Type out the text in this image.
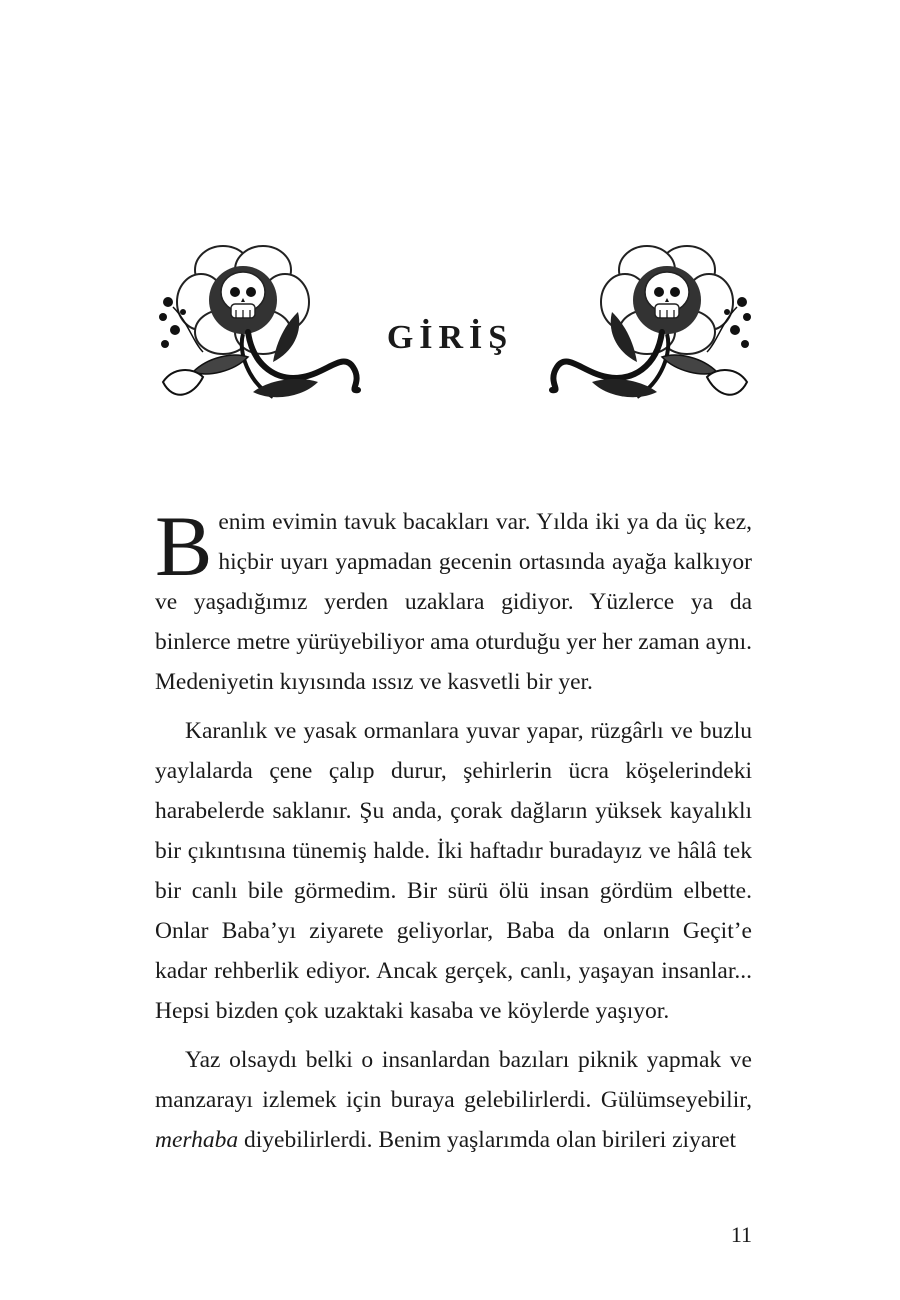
GİRİŞ

Benim evimin tavuk bacakları var. Yılda iki ya da üç kez, hiçbir uyarı yapmadan gecenin ortasında ayağa kalkıyor ve yaşadığımız yerden uzaklara gidiyor. Yüzlerce ya da binlerce metre yürüyebiliyor ama oturduğu yer her zaman aynı. Medeniyetin kıyısında ıssız ve kasvetli bir yer.

Karanlık ve yasak ormanlara yuvar yapar, rüzgârlı ve buzlu yaylalarda çene çalıp durur, şehirlerin ücra köşelerindeki harabelerde saklanır. Şu anda, çorak dağların yüksek kayalıklı bir çıkıntısına tünemiş halde. İki haftadır buradayız ve hâlâ tek bir canlı bile görmedim. Bir sürü ölü insan gördüm elbette. Onlar Baba’yı ziyarete geliyorlar, Baba da onların Geçit’e kadar rehberlik ediyor. Ancak gerçek, canlı, yaşayan insanlar... Hepsi bizden çok uzaktaki kasaba ve köylerde yaşıyor.

Yaz olsaydı belki o insanlardan bazıları piknik yapmak ve manzarayı izlemek için buraya gelebilirlerdi. Gülümseyebilir, merhaba diyebilirlerdi. Benim yaşlarımda olan birileri ziyaret

11
